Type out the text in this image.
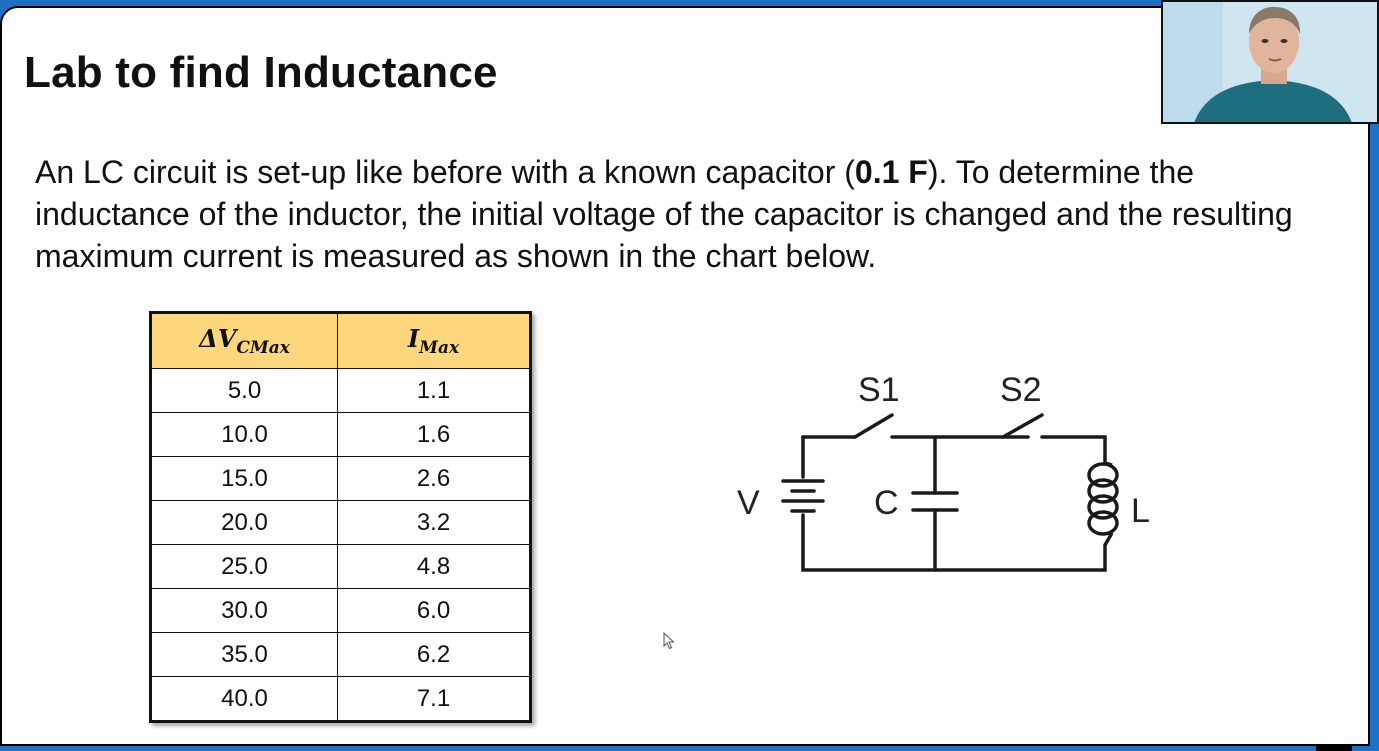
Lab to find Inductance

An LC circuit is set-up like before with a known capacitor (0.1 F). To determine the inductance of the inductor, the initial voltage of the capacitor is changed and the resulting maximum current is measured as shown in the chart below.

$\Delta V_{CMax}$	$I_{Max}$
5.0	1.1
10.0	1.6
15.0	2.6
20.0	3.2
25.0	4.8
30.0	6.0
35.0	6.2
40.0	7.1
S1	S2
V	C	L
